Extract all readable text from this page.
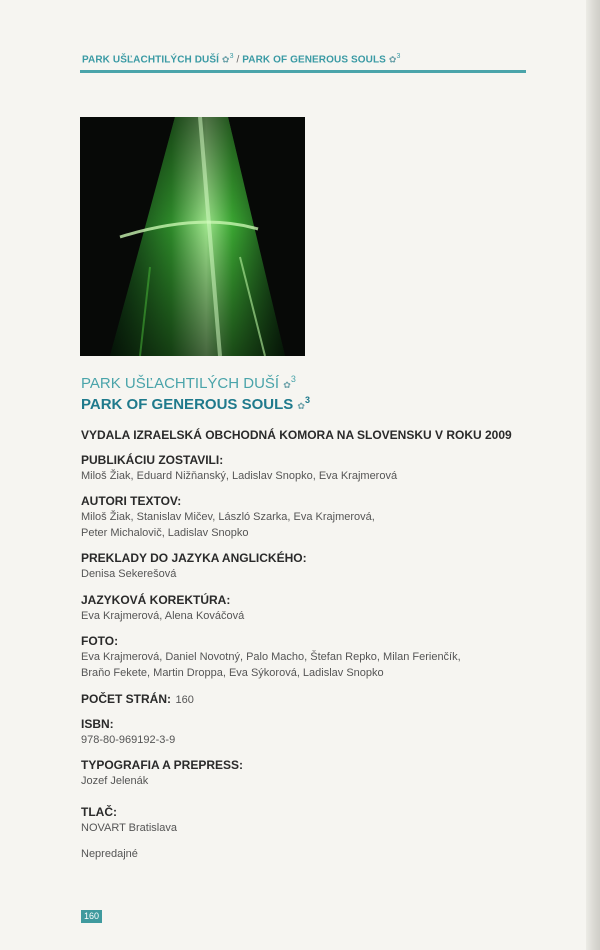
PARK UŠĽACHTILÝCH DUŠÍ ✿$^3$ / PARK OF GENEROUS SOULS ✿$^3$
PARK UŠĽACHTILÝCH DUŠÍ ✿$^3$
PARK OF GENEROUS SOULS ✿$^3$
VYDALA IZRAELSKÁ OBCHODNÁ KOMORA NA SLOVENSKU V ROKU 2009
PUBLIKÁCIU ZOSTAVILI:
Miloš Žiak, Eduard Nižňanský, Ladislav Snopko, Eva Krajmerová
AUTORI TEXTOV:
Miloš Žiak, Stanislav Mičev, László Szarka, Eva Krajmerová,
Peter Michalovič, Ladislav Snopko
PREKLADY DO JAZYKA ANGLICKÉHO:
Denisa Sekerešová
JAZYKOVÁ KOREKTÚRA:
Eva Krajmerová, Alena Kováčová
FOTO:
Eva Krajmerová, Daniel Novotný, Palo Macho, Štefan Repko, Milan Ferienčík,
Braňo Fekete, Martin Droppa, Eva Sýkorová, Ladislav Snopko
POČET STRÁN: 160
ISBN:
978-80-969192-3-9
TYPOGRAFIA A PREPRESS:
Jozef Jelenák
TLAČ:
NOVART Bratislava
Nepredajné
160
